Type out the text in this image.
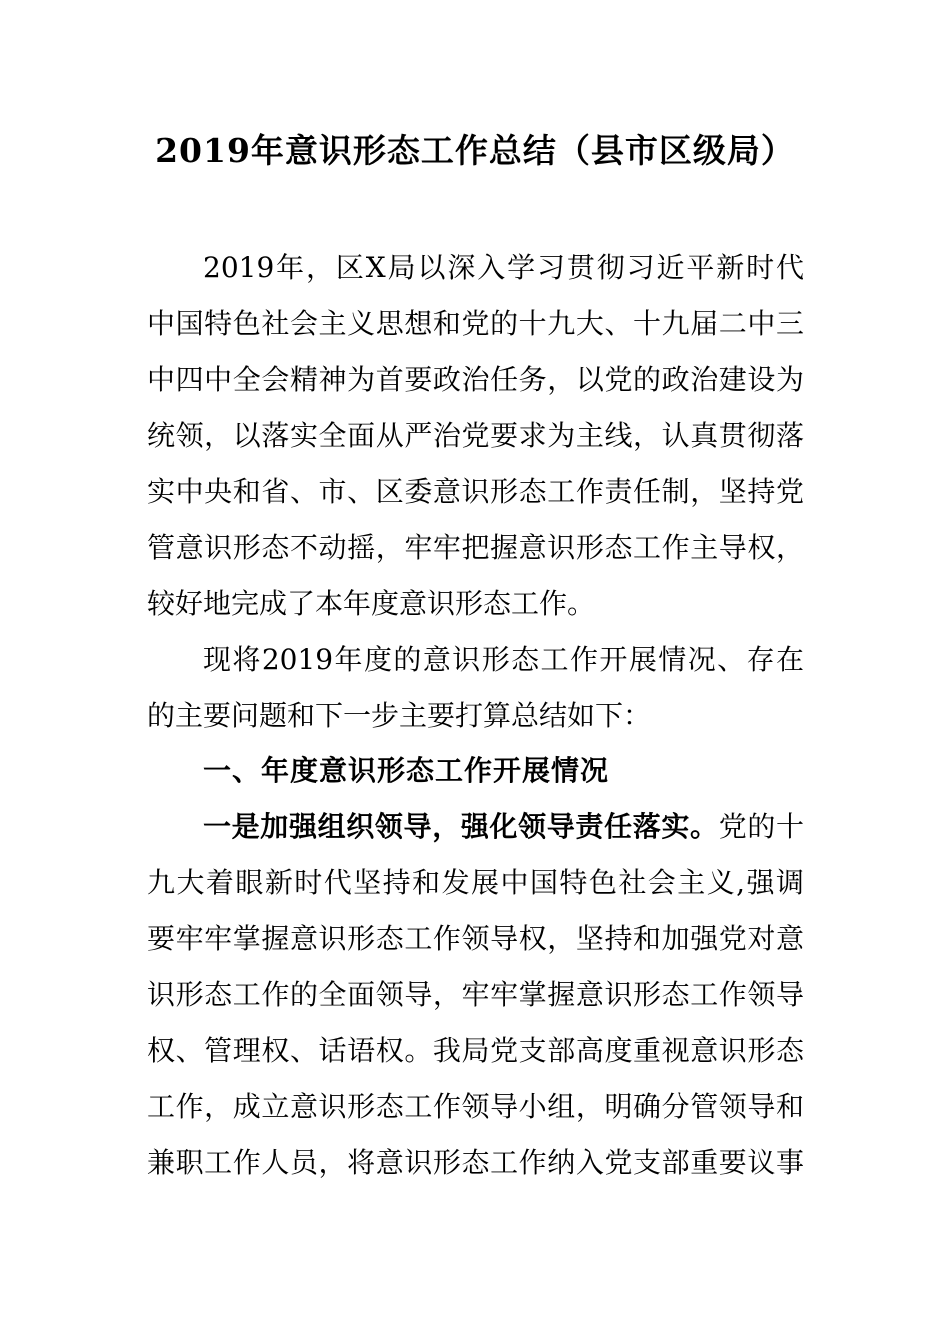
2019年意识形态工作总结（县市区级局）
2019年，区X局以深入学习贯彻习近平新时代
中国特色社会主义思想和党的十九大、十九届二中三
中四中全会精神为首要政治任务，以党的政治建设为
统领，以落实全面从严治党要求为主线，认真贯彻落
实中央和省、市、区委意识形态工作责任制，坚持党
管意识形态不动摇，牢牢把握意识形态工作主导权，
较好地完成了本年度意识形态工作。
现将2019年度的意识形态工作开展情况、存在
的主要问题和下一步主要打算总结如下：
一、年度意识形态工作开展情况
一是加强组织领导，强化领导责任落实。党的十
九大着眼新时代坚持和发展中国特色社会主义,强调
要牢牢掌握意识形态工作领导权，坚持和加强党对意
识形态工作的全面领导，牢牢掌握意识形态工作领导
权、管理权、话语权。我局党支部高度重视意识形态
工作，成立意识形态工作领导小组，明确分管领导和
兼职工作人员，将意识形态工作纳入党支部重要议事
